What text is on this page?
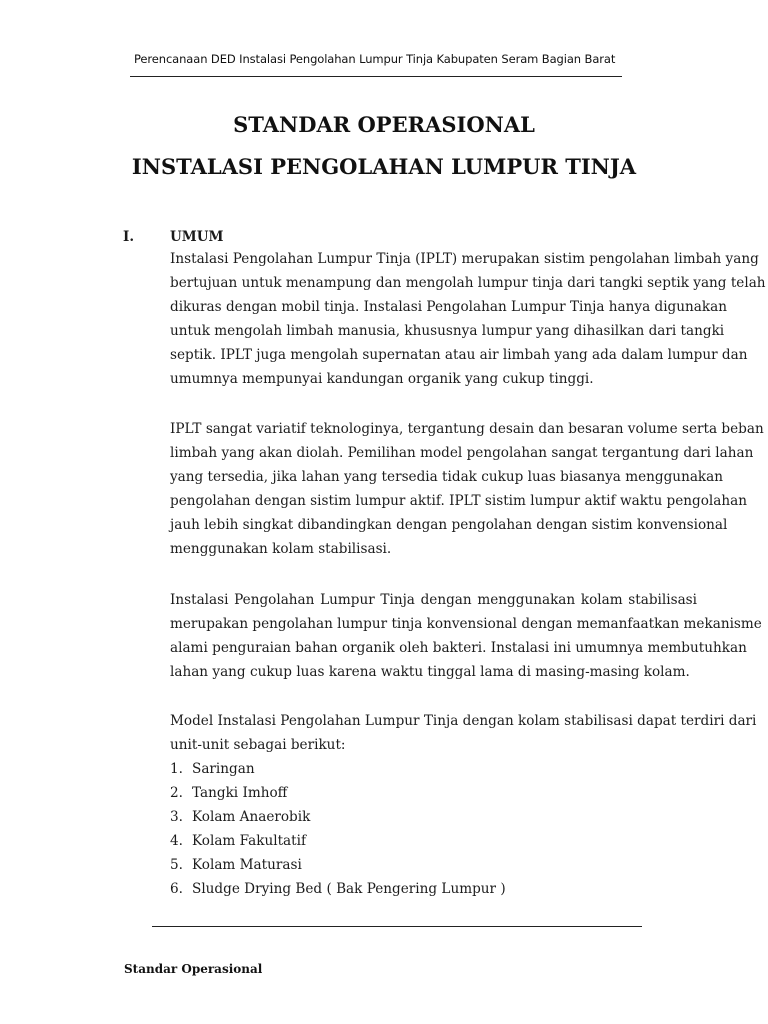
Perencanaan DED Instalasi Pengolahan Lumpur Tinja Kabupaten Seram Bagian Barat
STANDAR OPERASIONAL
INSTALASI PENGOLAHAN LUMPUR TINJA
I.	UMUM
Instalasi Pengolahan Lumpur Tinja (IPLT) merupakan sistim pengolahan limbah yang
bertujuan untuk menampung dan mengolah lumpur tinja dari tangki septik yang telah
dikuras dengan mobil tinja. Instalasi Pengolahan Lumpur Tinja hanya digunakan
untuk mengolah limbah manusia, khususnya lumpur yang dihasilkan dari tangki
septik. IPLT juga mengolah supernatan atau air limbah yang ada dalam lumpur dan
umumnya mempunyai kandungan organik yang cukup tinggi.
IPLT sangat variatif teknologinya, tergantung desain dan besaran volume serta beban
limbah yang akan diolah. Pemilihan model pengolahan sangat tergantung dari lahan
yang tersedia, jika lahan yang tersedia tidak cukup luas biasanya menggunakan
pengolahan dengan sistim lumpur aktif. IPLT sistim lumpur aktif waktu pengolahan
jauh lebih singkat dibandingkan dengan pengolahan dengan sistim konvensional
menggunakan kolam stabilisasi.
Instalasi Pengolahan Lumpur Tinja dengan menggunakan kolam stabilisasi
merupakan pengolahan lumpur tinja konvensional dengan memanfaatkan mekanisme
alami penguraian bahan organik oleh bakteri. Instalasi ini umumnya membutuhkan
lahan yang cukup luas karena waktu tinggal lama di masing-masing kolam.
Model Instalasi Pengolahan Lumpur Tinja dengan kolam stabilisasi dapat terdiri dari
unit-unit sebagai berikut:
1. Saringan
2. Tangki Imhoff
3. Kolam Anaerobik
4. Kolam Fakultatif
5. Kolam Maturasi
6. Sludge Drying Bed ( Bak Pengering Lumpur )
Standar Operasional
